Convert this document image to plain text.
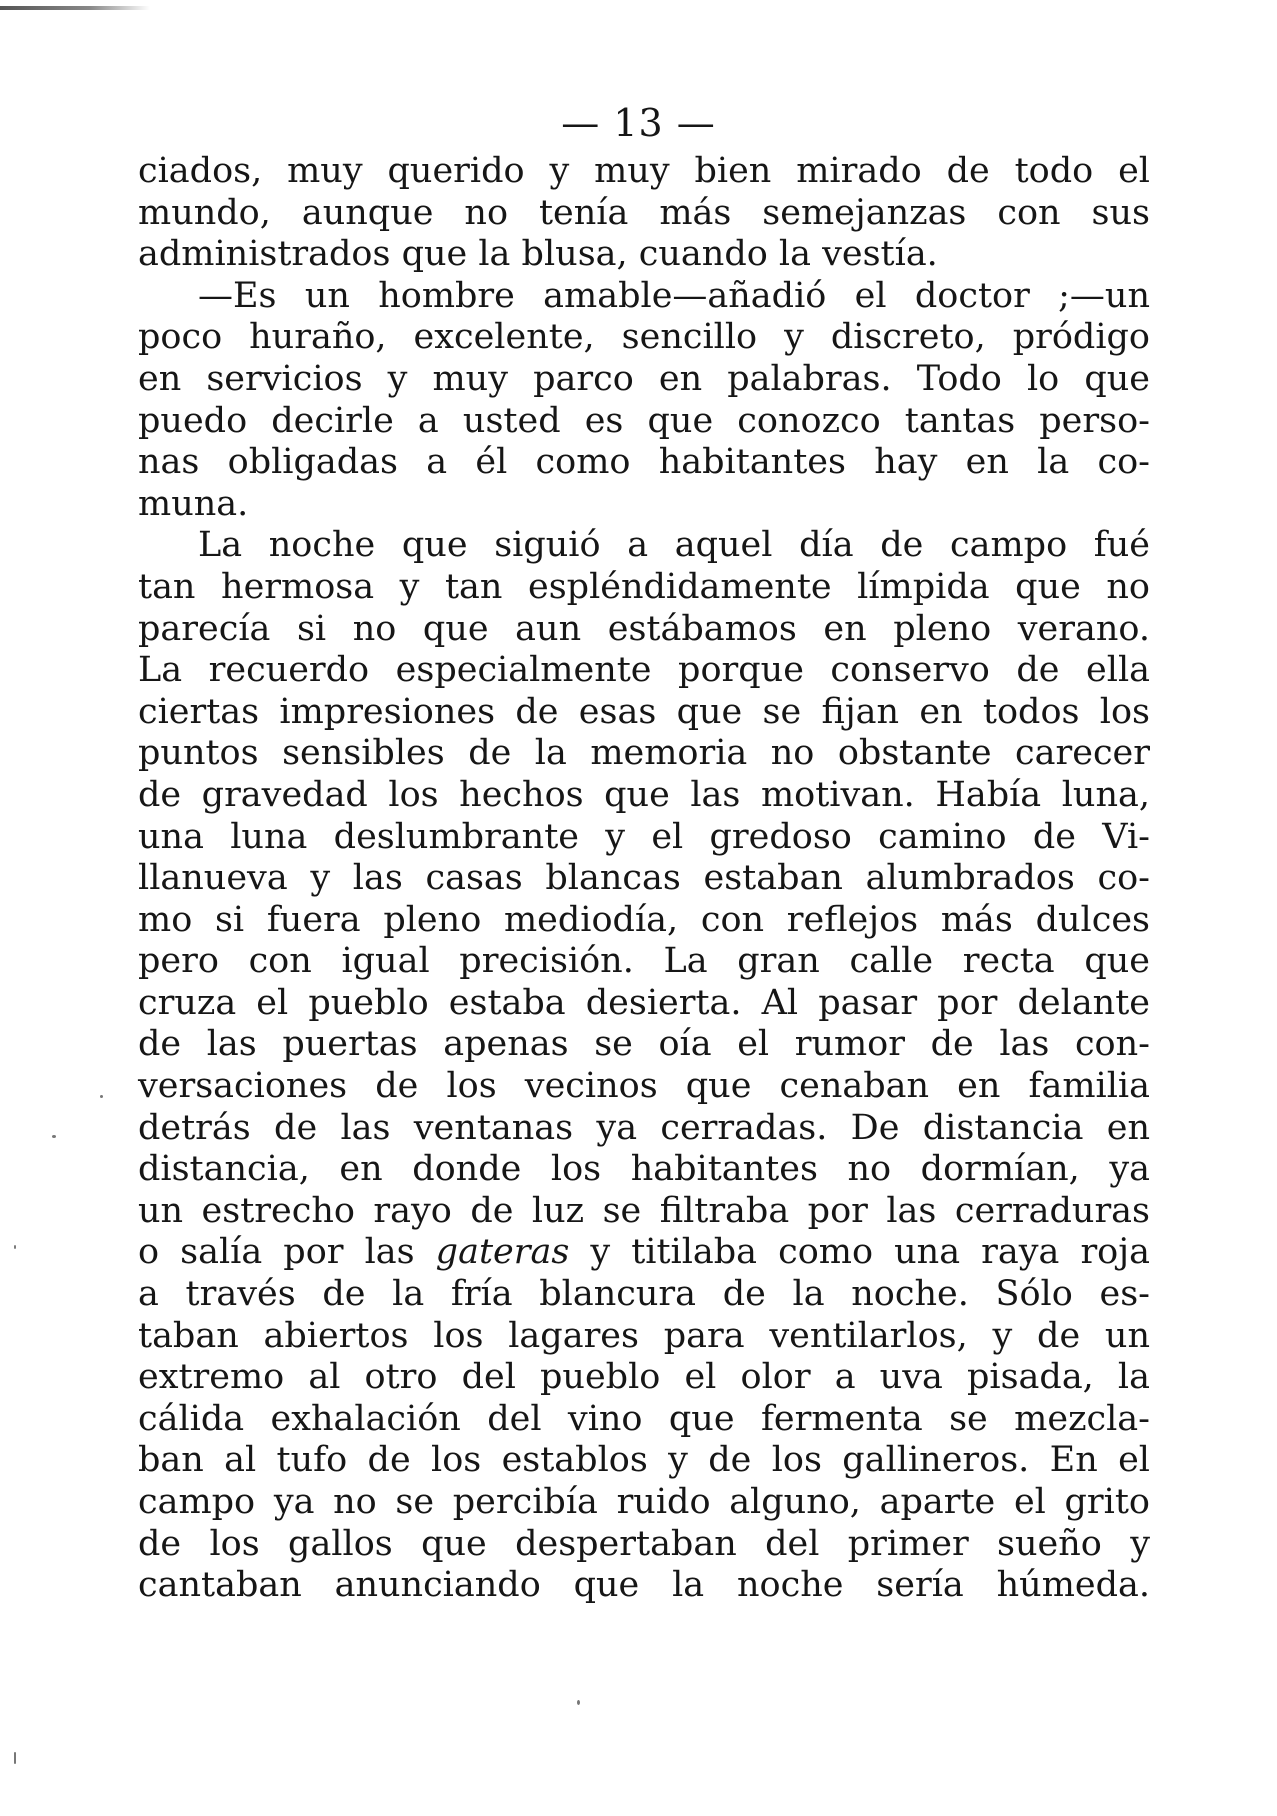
— 13 —
ciados, muy querido y muy bien mirado de todo el
mundo, aunque no tenía más semejanzas con sus
administrados que la blusa, cuando la vestía.
—Es un hombre amable—añadió el doctor ;—un
poco huraño, excelente, sencillo y discreto, pródigo
en servicios y muy parco en palabras. Todo lo que
puedo decirle a usted es que conozco tantas perso-
nas obligadas a él como habitantes hay en la co-
muna.
La noche que siguió a aquel día de campo fué
tan hermosa y tan espléndidamente límpida que no
parecía si no que aun estábamos en pleno verano.
La recuerdo especialmente porque conservo de ella
ciertas impresiones de esas que se fijan en todos los
puntos sensibles de la memoria no obstante carecer
de gravedad los hechos que las motivan. Había luna,
una luna deslumbrante y el gredoso camino de Vi-
llanueva y las casas blancas estaban alumbrados co-
mo si fuera pleno mediodía, con reflejos más dulces
pero con igual precisión. La gran calle recta que
cruza el pueblo estaba desierta. Al pasar por delante
de las puertas apenas se oía el rumor de las con-
versaciones de los vecinos que cenaban en familia
detrás de las ventanas ya cerradas. De distancia en
distancia, en donde los habitantes no dormían, ya
un estrecho rayo de luz se filtraba por las cerraduras
o salía por las gateras y titilaba como una raya roja
a través de la fría blancura de la noche. Sólo es-
taban abiertos los lagares para ventilarlos, y de un
extremo al otro del pueblo el olor a uva pisada, la
cálida exhalación del vino que fermenta se mezcla-
ban al tufo de los establos y de los gallineros. En el
campo ya no se percibía ruido alguno, aparte el grito
de los gallos que despertaban del primer sueño y
cantaban anunciando que la noche sería húmeda.
